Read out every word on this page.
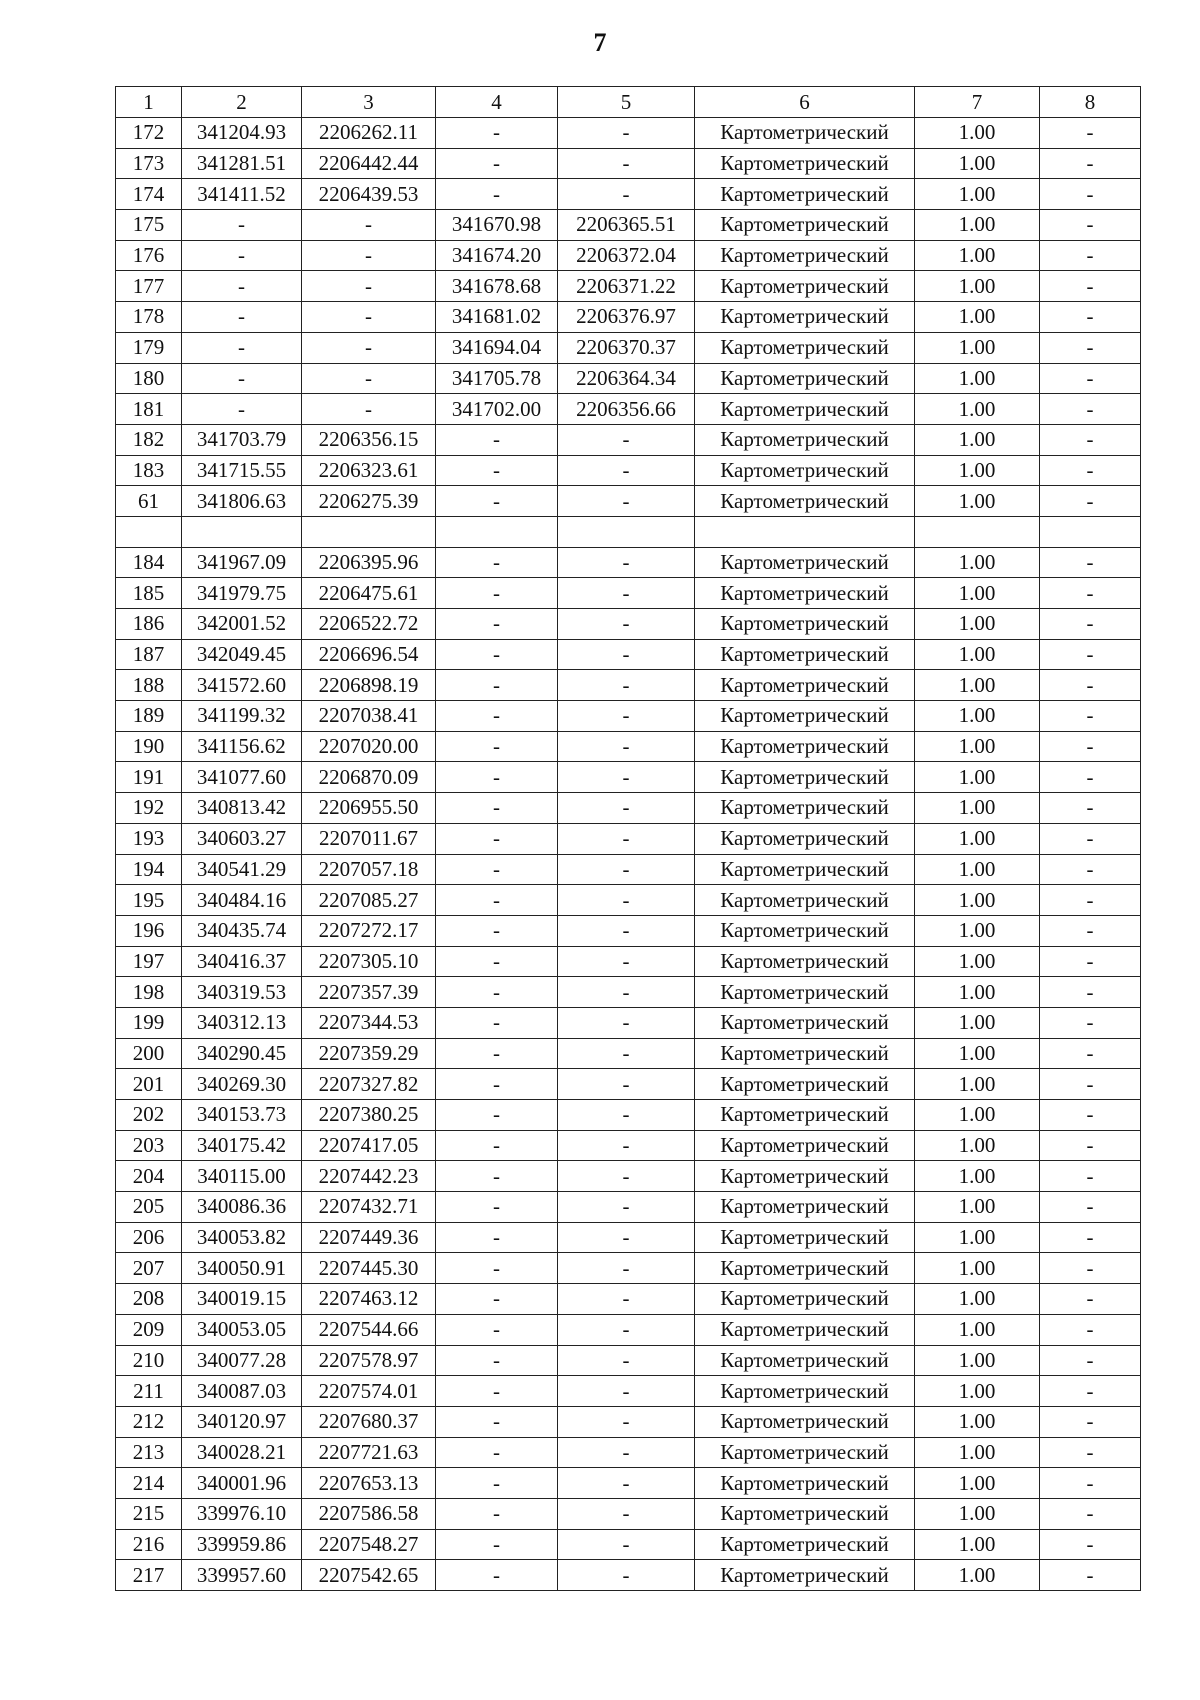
7
1	2	3	4	5	6	7	8
172	341204.93	2206262.11	-	-	Картометрический	1.00	-
173	341281.51	2206442.44	-	-	Картометрический	1.00	-
174	341411.52	2206439.53	-	-	Картометрический	1.00	-
175	-	-	341670.98	2206365.51	Картометрический	1.00	-
176	-	-	341674.20	2206372.04	Картометрический	1.00	-
177	-	-	341678.68	2206371.22	Картометрический	1.00	-
178	-	-	341681.02	2206376.97	Картометрический	1.00	-
179	-	-	341694.04	2206370.37	Картометрический	1.00	-
180	-	-	341705.78	2206364.34	Картометрический	1.00	-
181	-	-	341702.00	2206356.66	Картометрический	1.00	-
182	341703.79	2206356.15	-	-	Картометрический	1.00	-
183	341715.55	2206323.61	-	-	Картометрический	1.00	-
61	341806.63	2206275.39	-	-	Картометрический	1.00	-

184	341967.09	2206395.96	-	-	Картометрический	1.00	-
185	341979.75	2206475.61	-	-	Картометрический	1.00	-
186	342001.52	2206522.72	-	-	Картометрический	1.00	-
187	342049.45	2206696.54	-	-	Картометрический	1.00	-
188	341572.60	2206898.19	-	-	Картометрический	1.00	-
189	341199.32	2207038.41	-	-	Картометрический	1.00	-
190	341156.62	2207020.00	-	-	Картометрический	1.00	-
191	341077.60	2206870.09	-	-	Картометрический	1.00	-
192	340813.42	2206955.50	-	-	Картометрический	1.00	-
193	340603.27	2207011.67	-	-	Картометрический	1.00	-
194	340541.29	2207057.18	-	-	Картометрический	1.00	-
195	340484.16	2207085.27	-	-	Картометрический	1.00	-
196	340435.74	2207272.17	-	-	Картометрический	1.00	-
197	340416.37	2207305.10	-	-	Картометрический	1.00	-
198	340319.53	2207357.39	-	-	Картометрический	1.00	-
199	340312.13	2207344.53	-	-	Картометрический	1.00	-
200	340290.45	2207359.29	-	-	Картометрический	1.00	-
201	340269.30	2207327.82	-	-	Картометрический	1.00	-
202	340153.73	2207380.25	-	-	Картометрический	1.00	-
203	340175.42	2207417.05	-	-	Картометрический	1.00	-
204	340115.00	2207442.23	-	-	Картометрический	1.00	-
205	340086.36	2207432.71	-	-	Картометрический	1.00	-
206	340053.82	2207449.36	-	-	Картометрический	1.00	-
207	340050.91	2207445.30	-	-	Картометрический	1.00	-
208	340019.15	2207463.12	-	-	Картометрический	1.00	-
209	340053.05	2207544.66	-	-	Картометрический	1.00	-
210	340077.28	2207578.97	-	-	Картометрический	1.00	-
211	340087.03	2207574.01	-	-	Картометрический	1.00	-
212	340120.97	2207680.37	-	-	Картометрический	1.00	-
213	340028.21	2207721.63	-	-	Картометрический	1.00	-
214	340001.96	2207653.13	-	-	Картометрический	1.00	-
215	339976.10	2207586.58	-	-	Картометрический	1.00	-
216	339959.86	2207548.27	-	-	Картометрический	1.00	-
217	339957.60	2207542.65	-	-	Картометрический	1.00	-
